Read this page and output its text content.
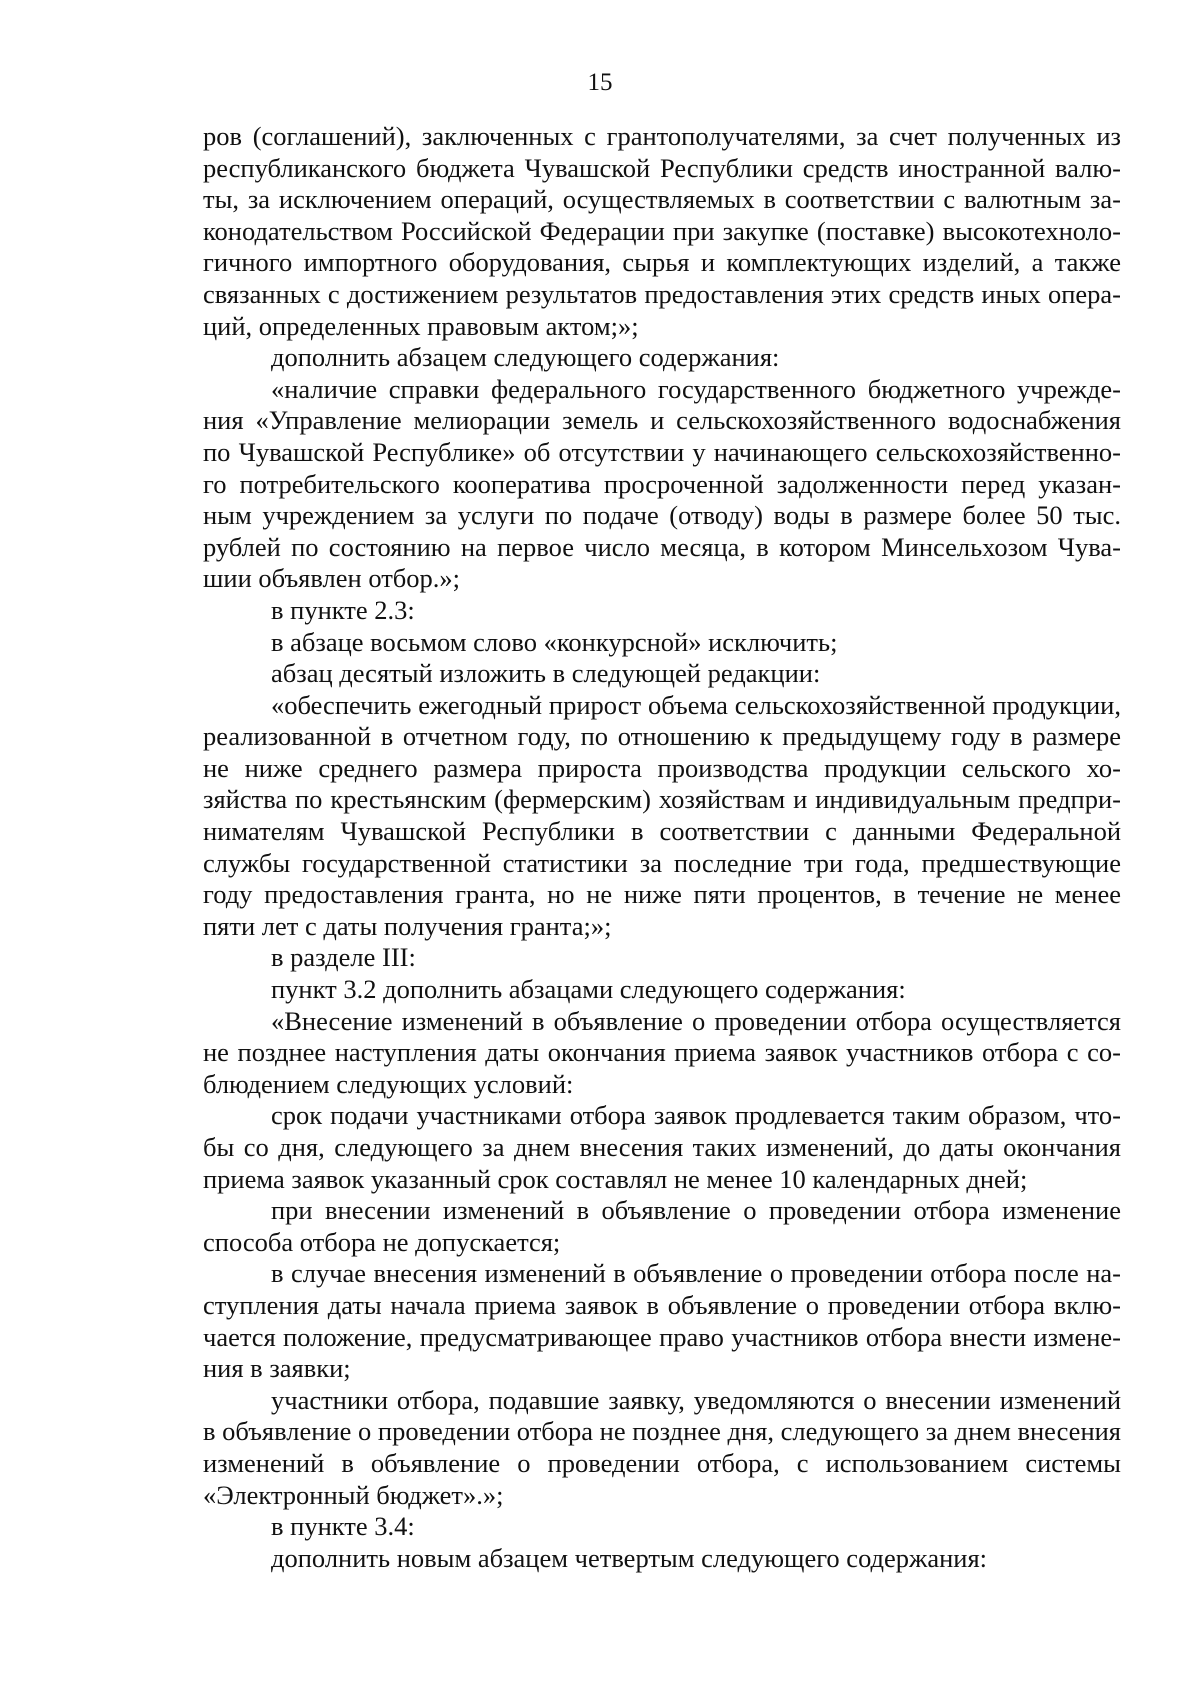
15

ров (соглашений), заключенных с грантополучателями, за счет полученных из республиканского бюджета Чувашской Республики средств иностранной валюты, за исключением операций, осуществляемых в соответствии с валютным законодательством Российской Федерации при закупке (поставке) высокотехнологичного импортного оборудования, сырья и комплектующих изделий, а также связанных с достижением результатов предоставления этих средств иных операций, определенных правовым актом;»;

дополнить абзацем следующего содержания:

«наличие справки федерального государственного бюджетного учреждения «Управление мелиорации земель и сельскохозяйственного водоснабжения по Чувашской Республике» об отсутствии у начинающего сельскохозяйственного потребительского кооператива просроченной задолженности перед указанным учреждением за услуги по подаче (отводу) воды в размере более 50 тыс. рублей по состоянию на первое число месяца, в котором Минсельхозом Чувашии объявлен отбор.»;

в пункте 2.3:

в абзаце восьмом слово «конкурсной» исключить;

абзац десятый изложить в следующей редакции:

«обеспечить ежегодный прирост объема сельскохозяйственной продукции, реализованной в отчетном году, по отношению к предыдущему году в размере не ниже среднего размера прироста производства продукции сельского хозяйства по крестьянским (фермерским) хозяйствам и индивидуальным предпринимателям Чувашской Республики в соответствии с данными Федеральной службы государственной статистики за последние три года, предшествующие году предоставления гранта, но не ниже пяти процентов, в течение не менее пяти лет с даты получения гранта;»;

в разделе III:

пункт 3.2 дополнить абзацами следующего содержания:

«Внесение изменений в объявление о проведении отбора осуществляется не позднее наступления даты окончания приема заявок участников отбора с соблюдением следующих условий:

срок подачи участниками отбора заявок продлевается таким образом, чтобы со дня, следующего за днем внесения таких изменений, до даты окончания приема заявок указанный срок составлял не менее 10 календарных дней;

при внесении изменений в объявление о проведении отбора изменение способа отбора не допускается;

в случае внесения изменений в объявление о проведении отбора после наступления даты начала приема заявок в объявление о проведении отбора включается положение, предусматривающее право участников отбора внести изменения в заявки;

участники отбора, подавшие заявку, уведомляются о внесении изменений в объявление о проведении отбора не позднее дня, следующего за днем внесения изменений в объявление о проведении отбора, с использованием системы «Электронный бюджет».»;

в пункте 3.4:

дополнить новым абзацем четвертым следующего содержания:
